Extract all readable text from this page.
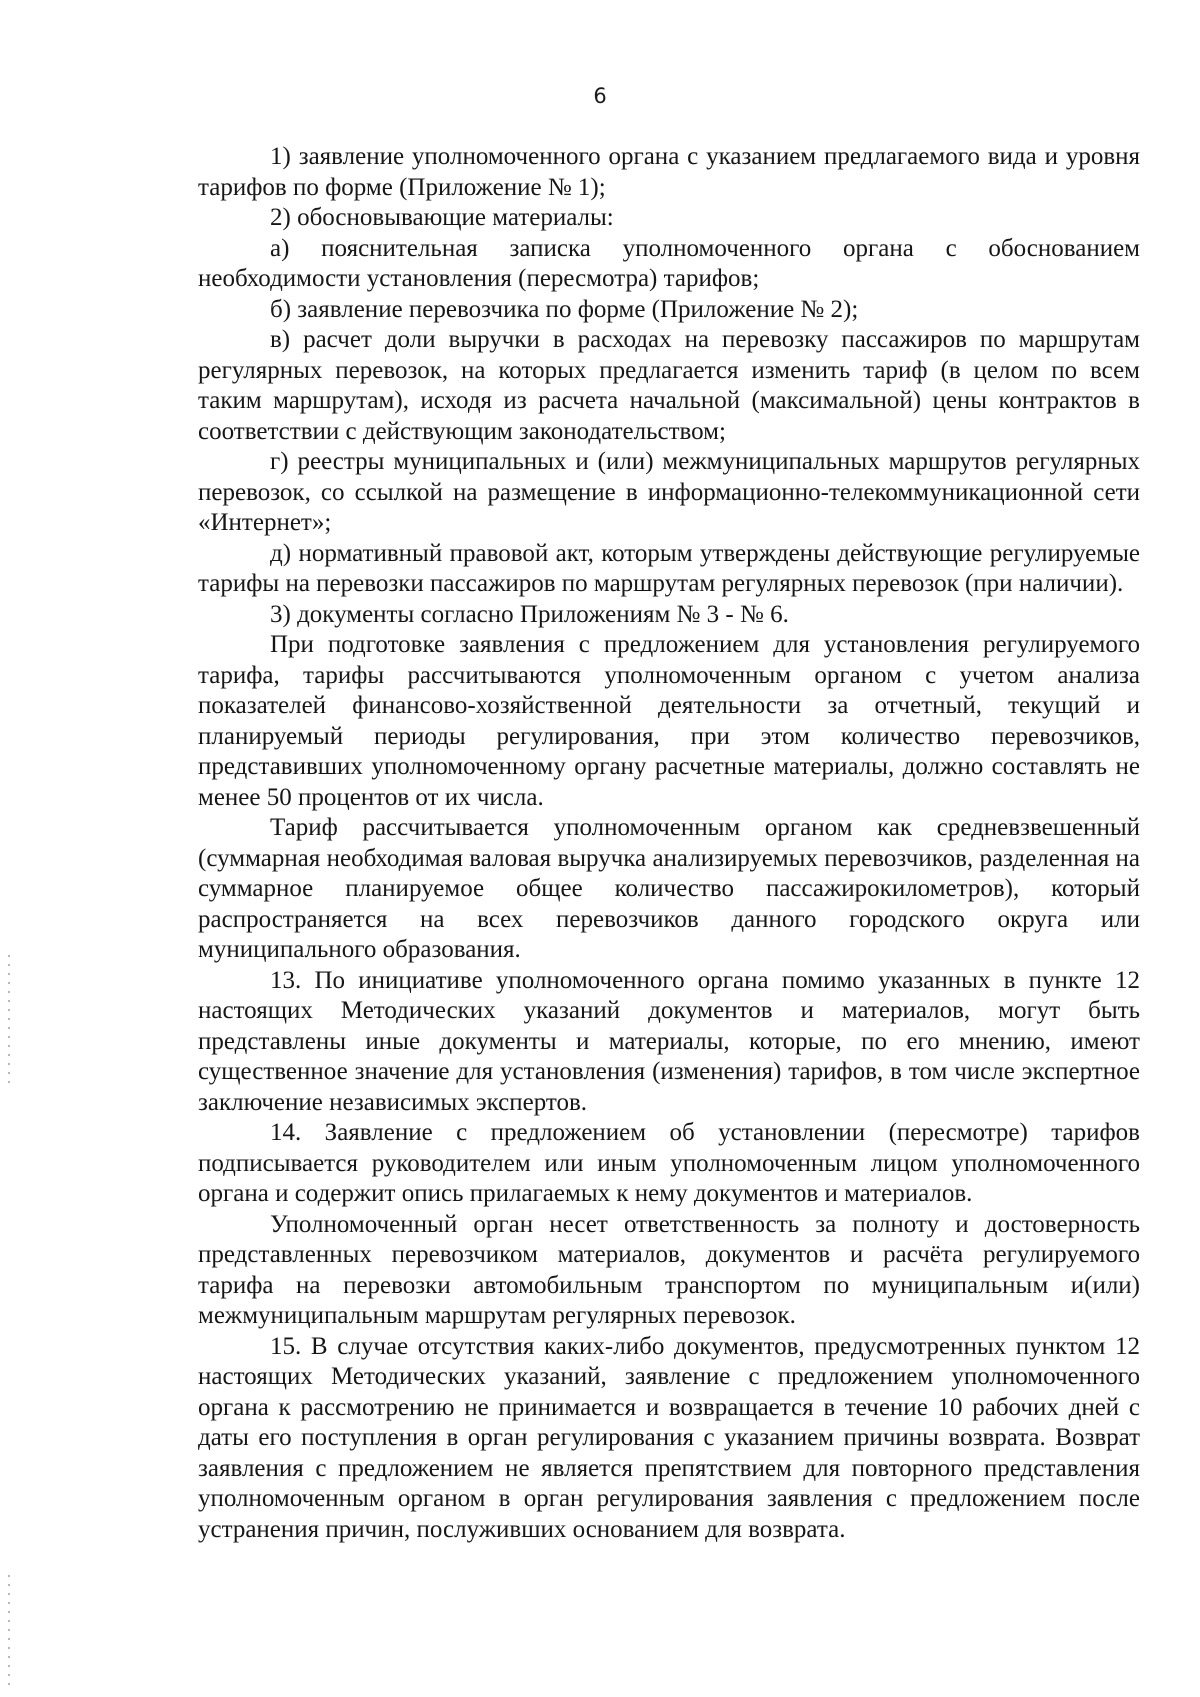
6

1) заявление уполномоченного органа с указанием предлагаемого вида и уровня тарифов по форме (Приложение № 1);

2) обосновывающие материалы:

а) пояснительная записка уполномоченного органа с обоснованием необходимости установления (пересмотра) тарифов;

б) заявление перевозчика по форме (Приложение № 2);

в) расчет доли выручки в расходах на перевозку пассажиров по маршрутам регулярных перевозок, на которых предлагается изменить тариф (в целом по всем таким маршрутам), исходя из расчета начальной (максимальной) цены контрактов в соответствии с действующим законодательством;

г) реестры муниципальных и (или) межмуниципальных маршрутов регулярных перевозок, со ссылкой на размещение в информационно-телекоммуникационной сети «Интернет»;

д) нормативный правовой акт, которым утверждены действующие регулируемые тарифы на перевозки пассажиров по маршрутам регулярных перевозок (при наличии).

3) документы согласно Приложениям № 3 - № 6.

При подготовке заявления с предложением для установления регулируемого тарифа, тарифы рассчитываются уполномоченным органом с учетом анализа показателей финансово-хозяйственной деятельности за отчетный, текущий и планируемый периоды регулирования, при этом количество перевозчиков, представивших уполномоченному органу расчетные материалы, должно составлять не менее 50 процентов от их числа.

Тариф рассчитывается уполномоченным органом как средневзвешенный (суммарная необходимая валовая выручка анализируемых перевозчиков, разделенная на суммарное планируемое общее количество пассажирокилометров), который распространяется на всех перевозчиков данного городского округа или муниципального образования.

13. По инициативе уполномоченного органа помимо указанных в пункте 12 настоящих Методических указаний документов и материалов, могут быть представлены иные документы и материалы, которые, по его мнению, имеют существенное значение для установления (изменения) тарифов, в том числе экспертное заключение независимых экспертов.

14. Заявление с предложением об установлении (пересмотре) тарифов подписывается руководителем или иным уполномоченным лицом уполномоченного органа и содержит опись прилагаемых к нему документов и материалов.

Уполномоченный орган несет ответственность за полноту и достоверность представленных перевозчиком материалов, документов и расчёта регулируемого тарифа на перевозки автомобильным транспортом по муниципальным и(или) межмуниципальным маршрутам регулярных перевозок.

15. В случае отсутствия каких-либо документов, предусмотренных пунктом 12 настоящих Методических указаний, заявление с предложением уполномоченного органа к рассмотрению не принимается и возвращается в течение 10 рабочих дней с даты его поступления в орган регулирования с указанием причины возврата. Возврат заявления с предложением не является препятствием для повторного представления уполномоченным органом в орган регулирования заявления с предложением после устранения причин, послуживших основанием для возврата.
